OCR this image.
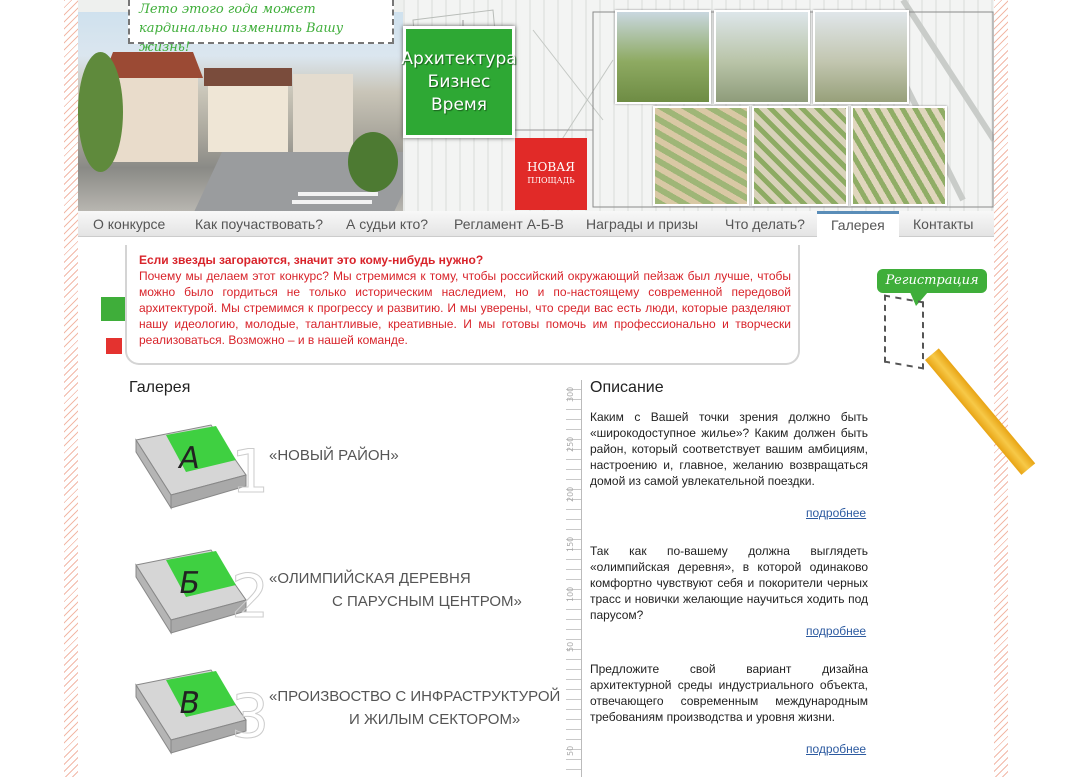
Архитектура
Бизнес
Время
НОВАЯ
ПЛОЩАДЬ
Лето этого года может
кардинально изменить Вашу жизнь!
О конкурсе Как поучаствовать? А судьи кто? Регламент А-Б-В Награды и призы Что делать?	Галерея	Контакты
Если звезды загораются, значит это кому-нибудь нужно?
Почему мы делаем этот конкурс? Мы стремимся к тому, чтобы российский окружающий пейзаж был лучше, чтобы можно было гордиться не только историческим наследием, но и по-настоящему современной передовой архитектурой. Мы стремимся к прогрессу и развитию. И мы уверены, что среди вас есть люди, которые разделяют нашу идеологию, молодые, талантливые, креативные. И мы готовы помочь им профессионально и творчески реализоваться. Возможно – и в нашей команде.
Регистрация
Галерея
А 1 «НОВЫЙ РАЙОН»
Б 2 «ОЛИМПИЙСКАЯ ДЕРЕВНЯ
С ПАРУСНЫМ ЦЕНТРОМ»
В 3 «ПРОИЗВОСТВО С ИНФРАСТРУКТУРОЙ
И ЖИЛЫМ СЕКТОРОМ»
300
250
200
150
100
50
50
Описание
Каким с Вашей точки зрения должно быть «широкодоступное жилье»? Каким должен быть район, который соответствует вашим амбициям, настроению и, главное, желанию возвращаться домой из самой увлекательной поездки.
подробнее
Так как по-вашему должна выглядеть «олимпийская деревня», в которой одинаково комфортно чувствуют себя и покорители черных трасс и новички желающие научиться ходить под парусом?
подробнее
Предложите свой вариант дизайна архитектурной среды индустриального объекта, отвечающего современным международным требованиям производства и уровня жизни.
подробнее
